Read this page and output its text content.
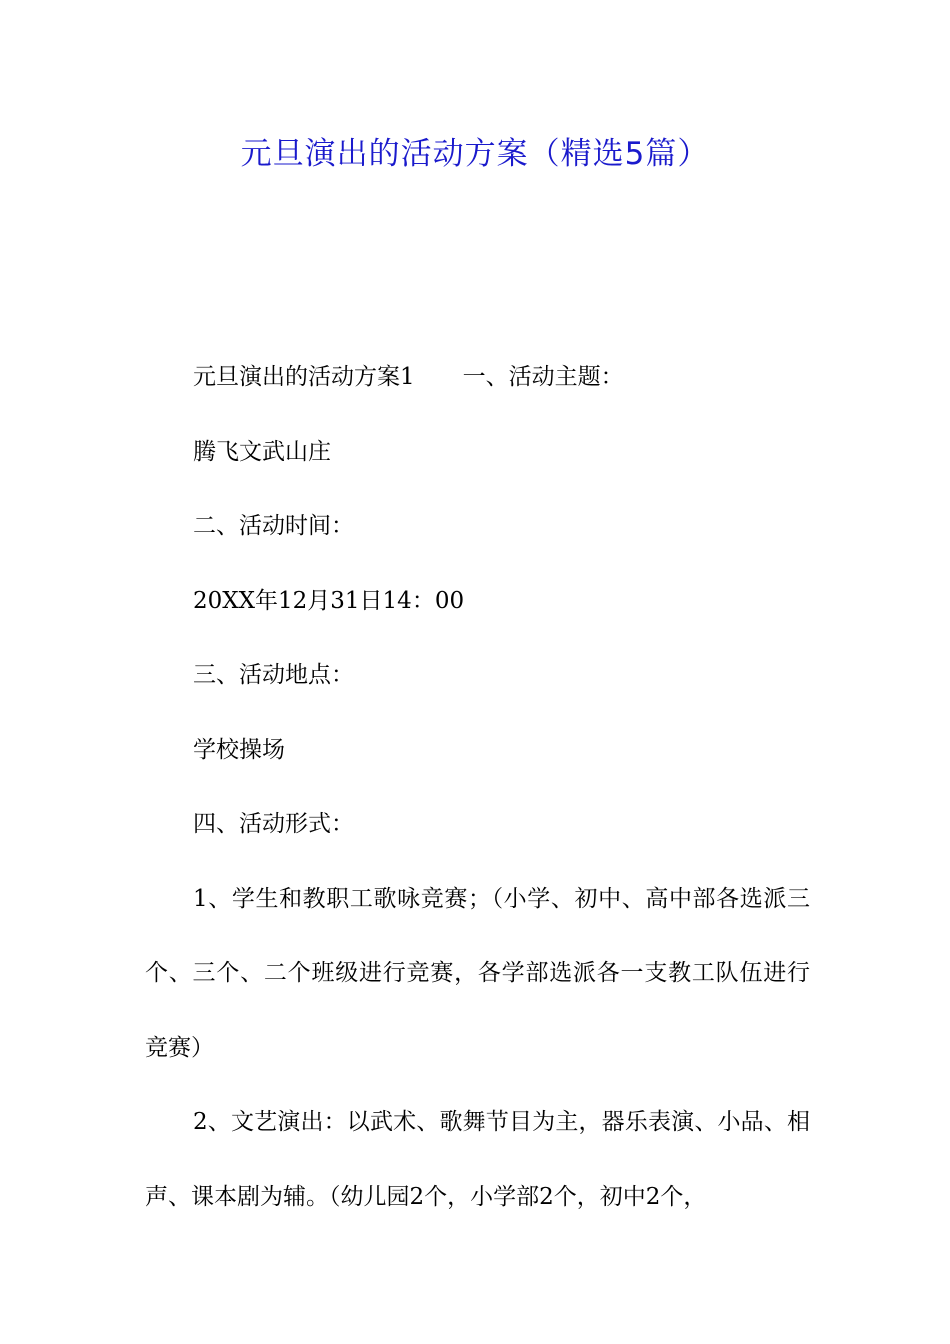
元旦演出的活动方案（精选5篇）

元旦演出的活动方案1 一、活动主题：

腾飞文武山庄

二、活动时间：

20XX年12月31日14：00

三、活动地点：

学校操场

四、活动形式：

1、学生和教职工歌咏竞赛；（小学、初中、高中部各选派三个、三个、二个班级进行竞赛，各学部选派各一支教工队伍进行竞赛）

2、文艺演出：以武术、歌舞节目为主，器乐表演、小品、相声、课本剧为辅。（幼儿园2个，小学部2个，初中2个，
